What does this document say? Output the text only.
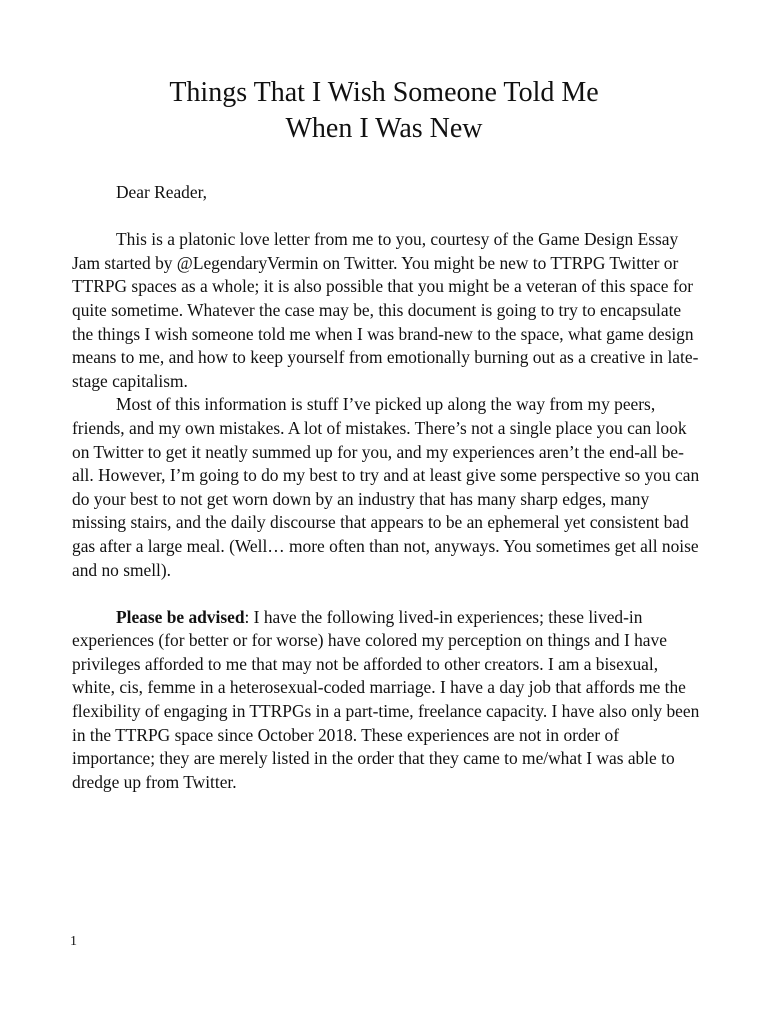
Things That I Wish Someone Told Me
When I Was New

Dear Reader,

This is a platonic love letter from me to you, courtesy of the Game Design Essay Jam started by @LegendaryVermin on Twitter. You might be new to TTRPG Twitter or TTRPG spaces as a whole; it is also possible that you might be a veteran of this space for quite sometime. Whatever the case may be, this document is going to try to encapsulate the things I wish someone told me when I was brand-new to the space, what game design means to me, and how to keep yourself from emotionally burning out as a creative in late-stage capitalism.

Most of this information is stuff I’ve picked up along the way from my peers, friends, and my own mistakes. A lot of mistakes. There’s not a single place you can look on Twitter to get it neatly summed up for you, and my experiences aren’t the end-all be-all. However, I’m going to do my best to try and at least give some perspective so you can do your best to not get worn down by an industry that has many sharp edges, many missing stairs, and the daily discourse that appears to be an ephemeral yet consistent bad gas after a large meal. (Well… more often than not, anyways. You sometimes get all noise and no smell).

Please be advised: I have the following lived-in experiences; these lived-in experiences (for better or for worse) have colored my perception on things and I have privileges afforded to me that may not be afforded to other creators. I am a bisexual, white, cis, femme in a heterosexual-coded marriage. I have a day job that affords me the flexibility of engaging in TTRPGs in a part-time, freelance capacity. I have also only been in the TTRPG space since October 2018. These experiences are not in order of importance; they are merely listed in the order that they came to me/what I was able to dredge up from Twitter.

1
